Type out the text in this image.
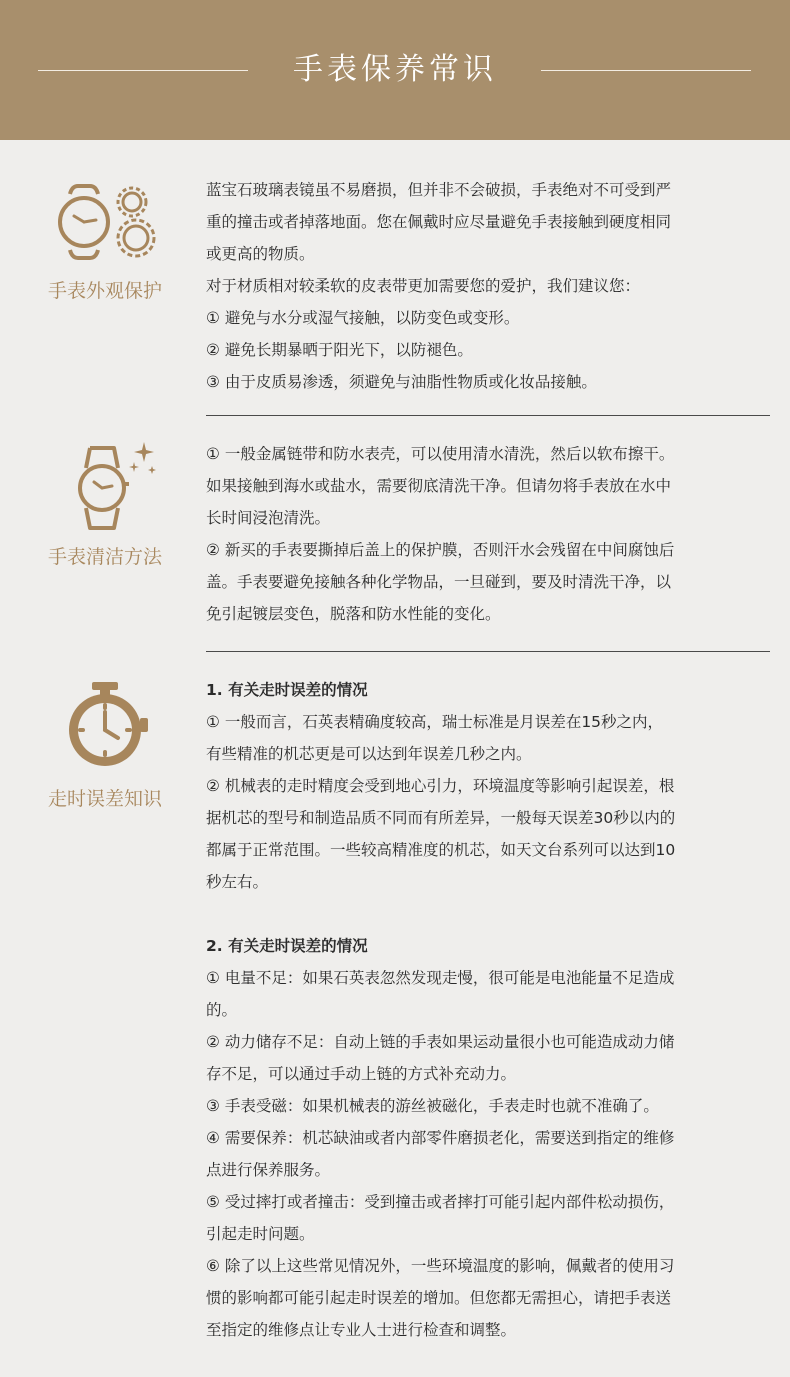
手表保养常识
手表外观保护

蓝宝石玻璃表镜虽不易磨损，但并非不会破损，手表绝对不可受到严

重的撞击或者掉落地面。您在佩戴时应尽量避免手表接触到硬度相同

或更高的物质。

对于材质相对较柔软的皮表带更加需要您的爱护，我们建议您：

① 避免与水分或湿气接触，以防变色或变形。

② 避免长期暴晒于阳光下，以防褪色。

③ 由于皮质易渗透，须避免与油脂性物质或化妆品接触。

手表清洁方法

① 一般金属链带和防水表壳，可以使用清水清洗，然后以软布擦干。

如果接触到海水或盐水，需要彻底清洗干净。但请勿将手表放在水中

长时间浸泡清洗。

② 新买的手表要撕掉后盖上的保护膜，否则汗水会残留在中间腐蚀后

盖。手表要避免接触各种化学物品，一旦碰到，要及时清洗干净，以

免引起镀层变色，脱落和防水性能的变化。

走时误差知识

1. 有关走时误差的情况

① 一般而言，石英表精确度较高，瑞士标准是月误差在15秒之内，

有些精准的机芯更是可以达到年误差几秒之内。

② 机械表的走时精度会受到地心引力，环境温度等影响引起误差，根

据机芯的型号和制造品质不同而有所差异，一般每天误差30秒以内的

都属于正常范围。一些较高精准度的机芯，如天文台系列可以达到10

秒左右。

2. 有关走时误差的情况

① 电量不足：如果石英表忽然发现走慢，很可能是电池能量不足造成

的。

② 动力储存不足：自动上链的手表如果运动量很小也可能造成动力储

存不足，可以通过手动上链的方式补充动力。

③ 手表受磁：如果机械表的游丝被磁化，手表走时也就不准确了。

④ 需要保养：机芯缺油或者内部零件磨损老化，需要送到指定的维修

点进行保养服务。

⑤ 受过摔打或者撞击：受到撞击或者摔打可能引起内部件松动损伤，

引起走时问题。

⑥ 除了以上这些常见情况外，一些环境温度的影响，佩戴者的使用习

惯的影响都可能引起走时误差的增加。但您都无需担心，请把手表送

至指定的维修点让专业人士进行检查和调整。
